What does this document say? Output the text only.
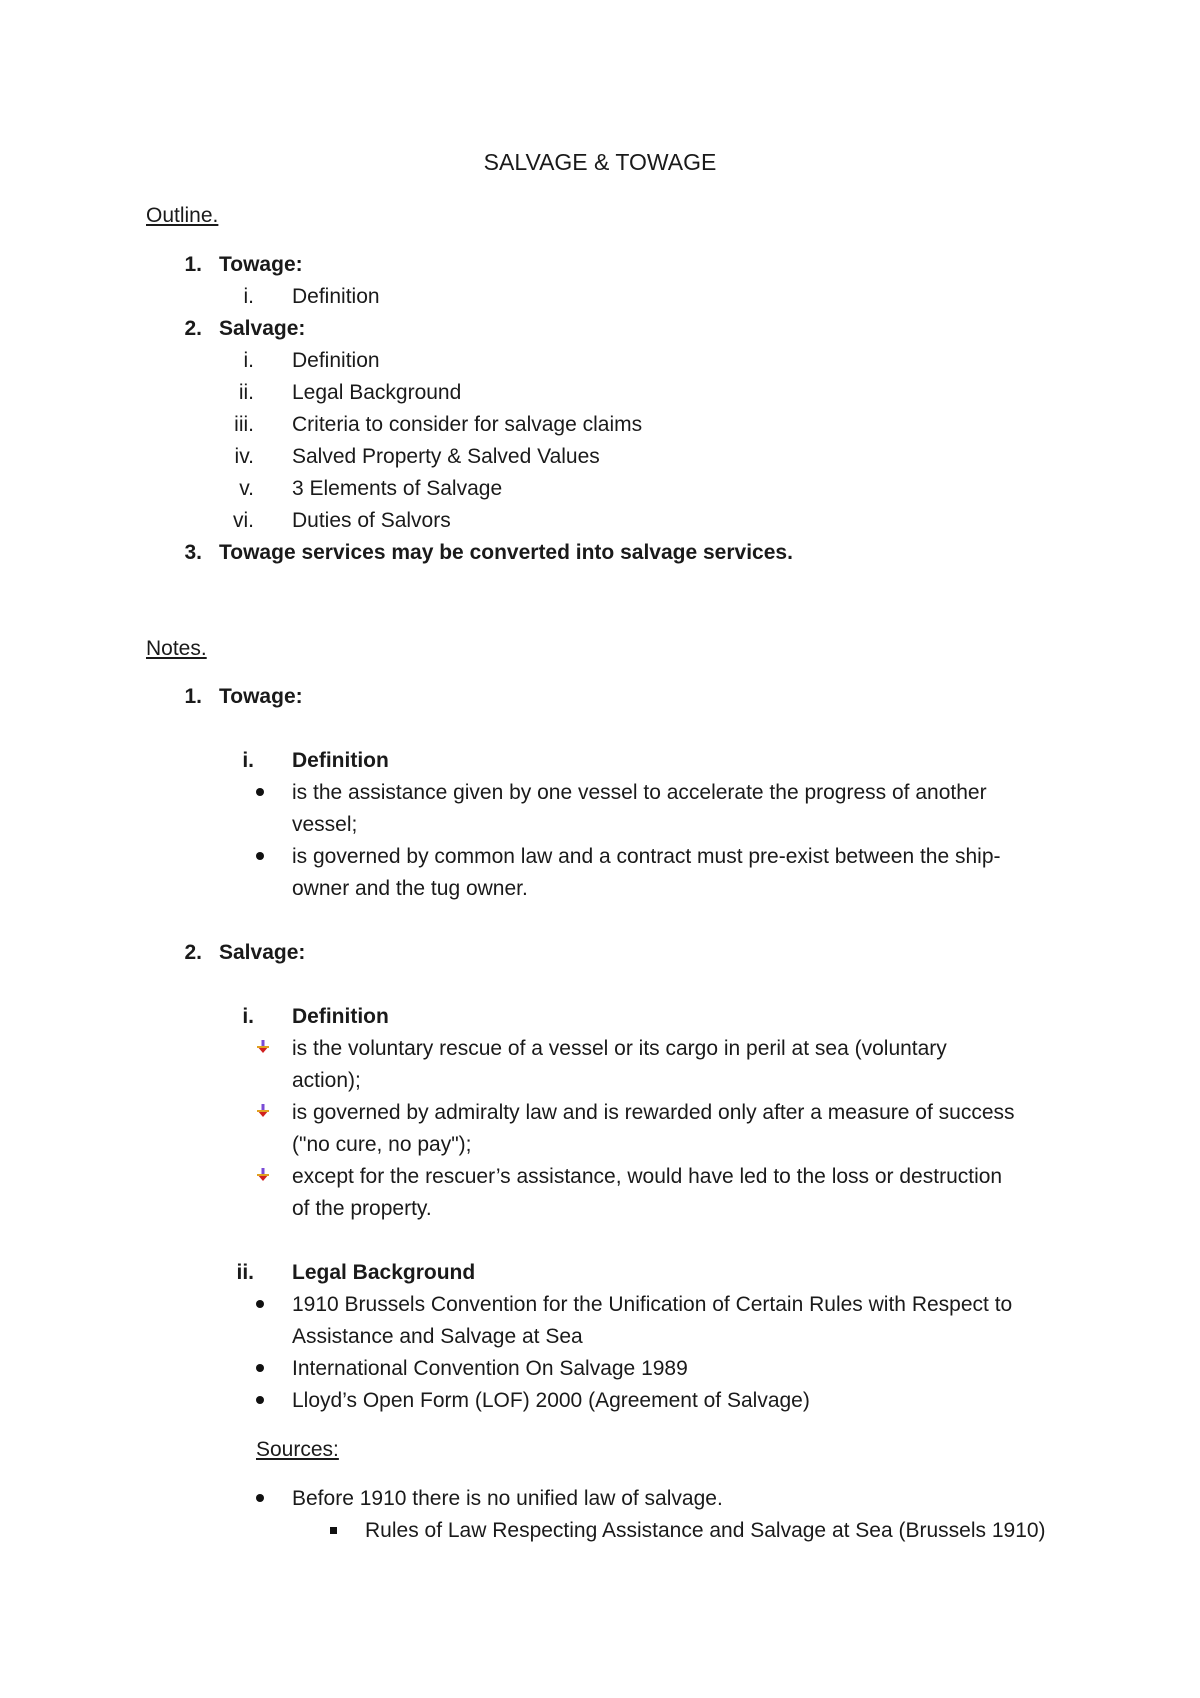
SALVAGE & TOWAGE
Outline.
1. Towage:
i. Definition
2. Salvage:
i. Definition
ii. Legal Background
iii. Criteria to consider for salvage claims
iv. Salved Property & Salved Values
v. 3 Elements of Salvage
vi. Duties of Salvors
3. Towage services may be converted into salvage services.
Notes.
1. Towage:
i. Definition
is the assistance given by one vessel to accelerate the progress of another
vessel;
is governed by common law and a contract must pre-exist between the ship-
owner and the tug owner.
2. Salvage:
i. Definition
is the voluntary rescue of a vessel or its cargo in peril at sea (voluntary
action);
is governed by admiralty law and is rewarded only after a measure of success
("no cure, no pay");
except for the rescuer’s assistance, would have led to the loss or destruction
of the property.
ii. Legal Background
1910 Brussels Convention for the Unification of Certain Rules with Respect to
Assistance and Salvage at Sea
International Convention On Salvage 1989
Lloyd’s Open Form (LOF) 2000 (Agreement of Salvage)
Sources:
Before 1910 there is no unified law of salvage.
Rules of Law Respecting Assistance and Salvage at Sea (Brussels 1910)
